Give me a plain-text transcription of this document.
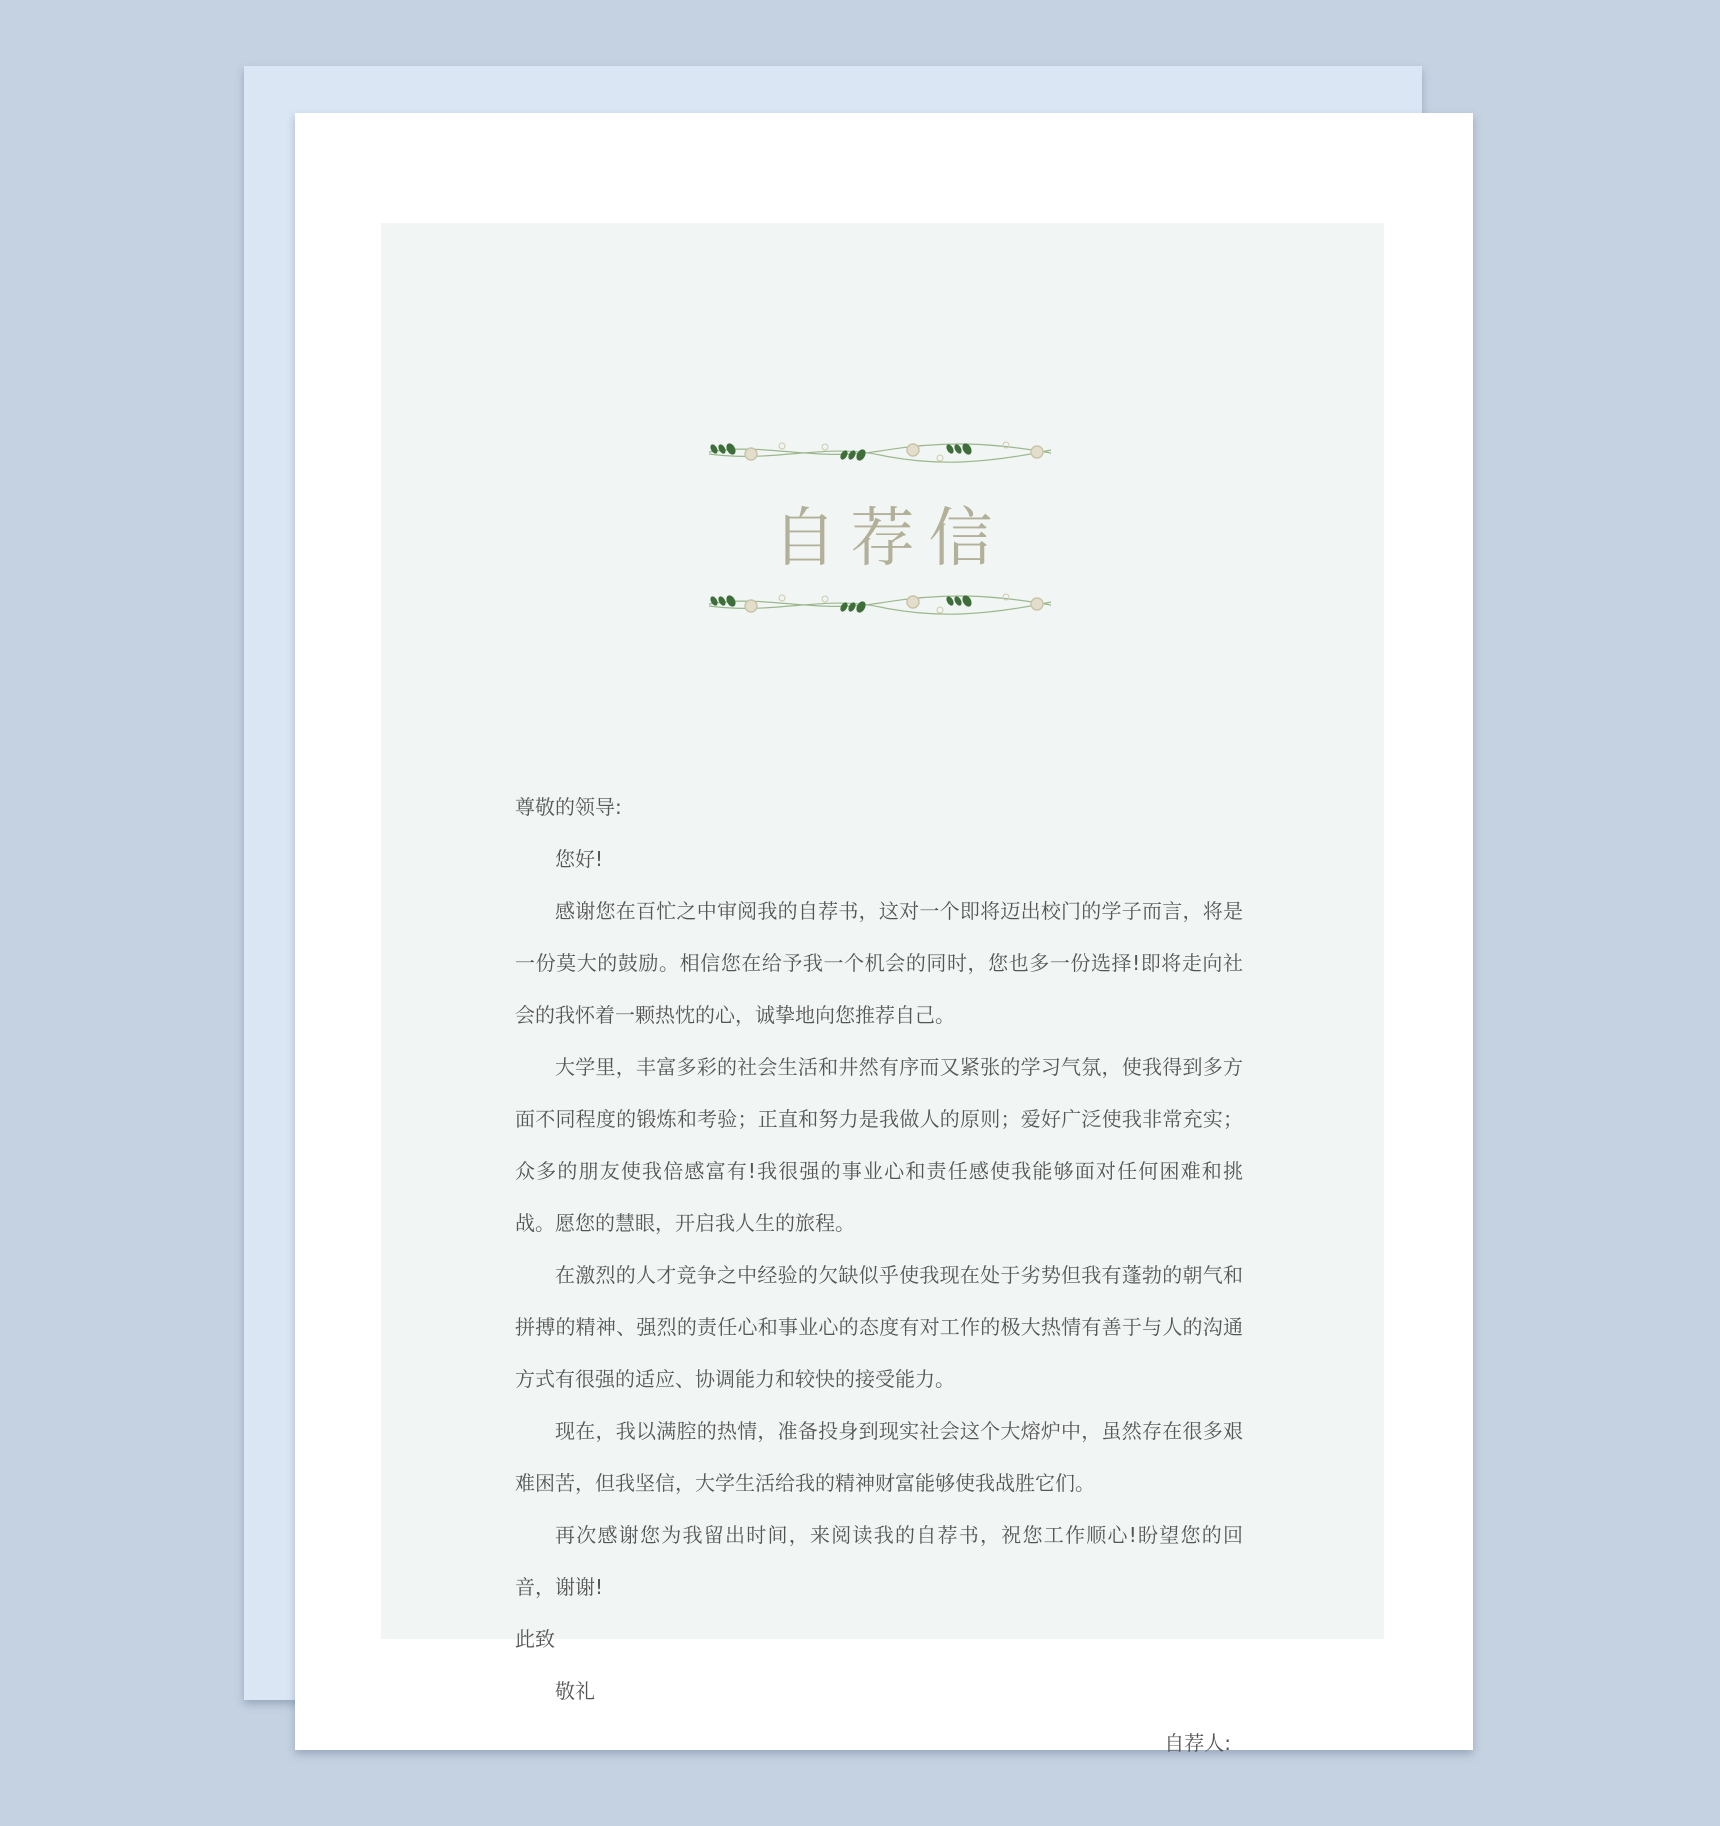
自荐信

尊敬的领导:

您好!

感谢您在百忙之中审阅我的自荐书，这对一个即将迈出校门的学子而言，将是一份莫大的鼓励。相信您在给予我一个机会的同时，您也多一份选择!即将走向社会的我怀着一颗热忱的心，诚挚地向您推荐自己。

大学里，丰富多彩的社会生活和井然有序而又紧张的学习气氛，使我得到多方面不同程度的锻炼和考验；正直和努力是我做人的原则；爱好广泛使我非常充实；众多的朋友使我倍感富有!我很强的事业心和责任感使我能够面对任何困难和挑战。愿您的慧眼，开启我人生的旅程。

在激烈的人才竞争之中经验的欠缺似乎使我现在处于劣势但我有蓬勃的朝气和拼搏的精神、强烈的责任心和事业心的态度有对工作的极大热情有善于与人的沟通方式有很强的适应、协调能力和较快的接受能力。

现在，我以满腔的热情，准备投身到现实社会这个大熔炉中，虽然存在很多艰难困苦，但我坚信，大学生活给我的精神财富能够使我战胜它们。

再次感谢您为我留出时间，来阅读我的自荐书，祝您工作顺心!盼望您的回音，谢谢!

此致

敬礼

自荐人:
